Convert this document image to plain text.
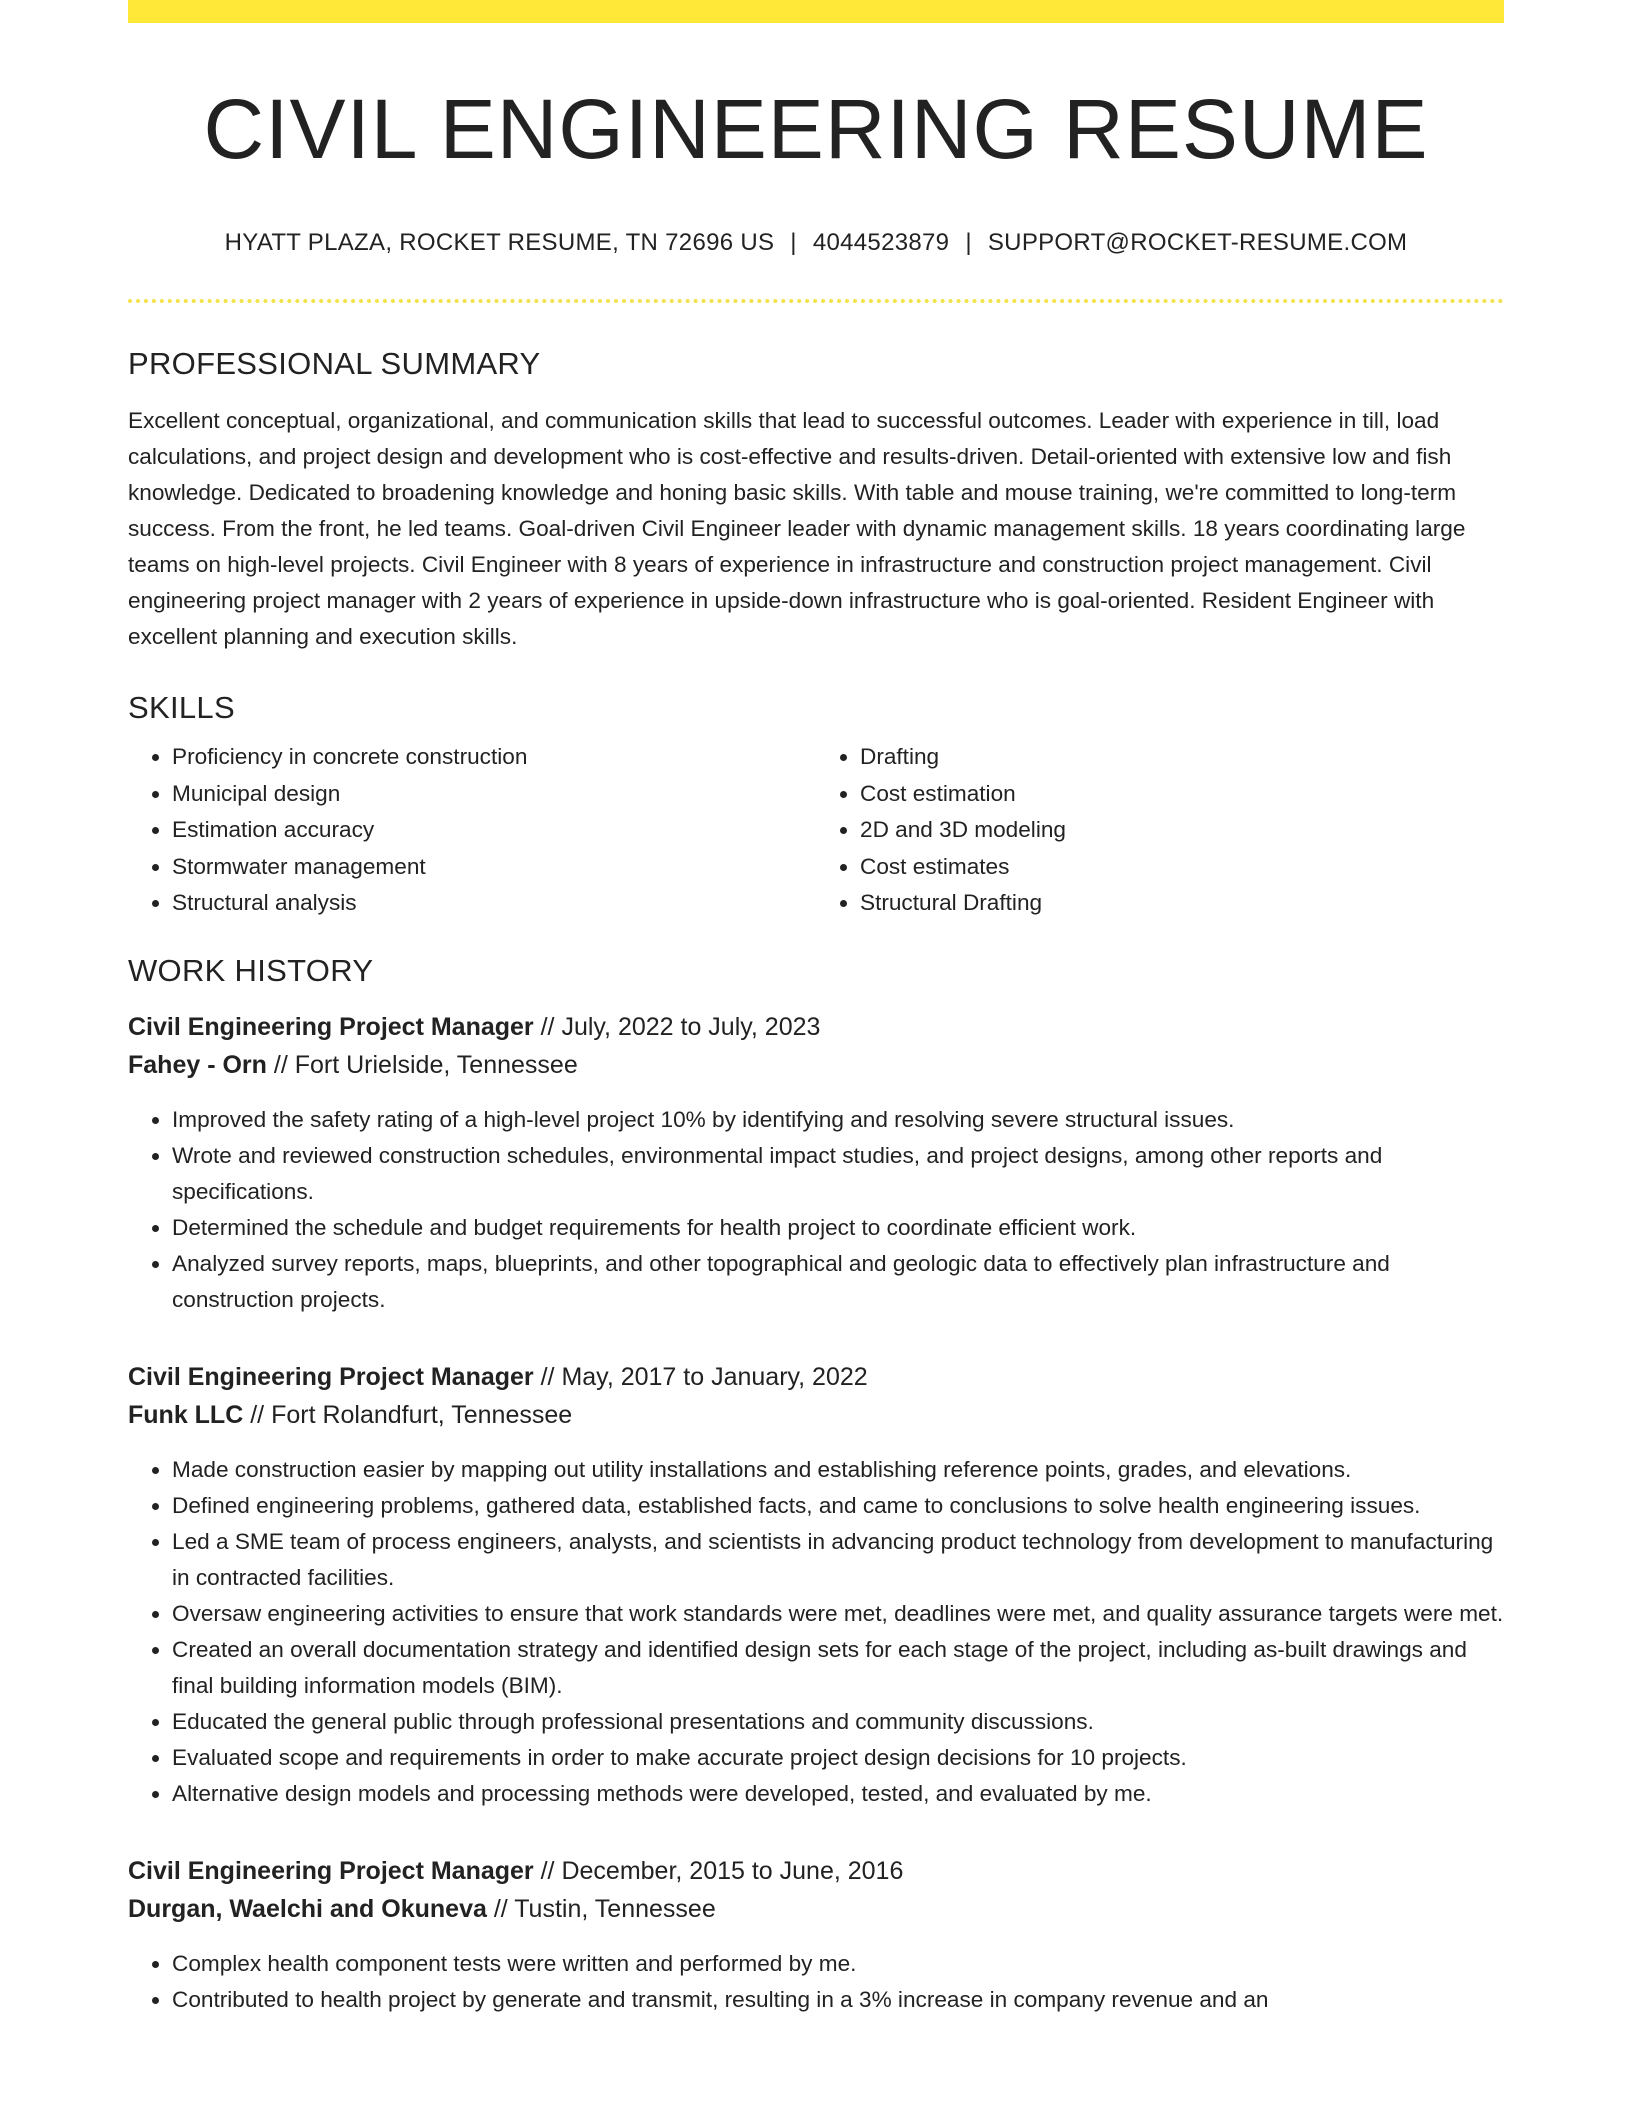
CIVIL ENGINEERING RESUME
HYATT PLAZA, ROCKET RESUME, TN 72696 US | 4044523879 | SUPPORT@ROCKET-RESUME.COM
PROFESSIONAL SUMMARY

Excellent conceptual, organizational, and communication skills that lead to successful outcomes. Leader with experience in till, load calculations, and project design and development who is cost-effective and results-driven. Detail-oriented with extensive low and fish knowledge. Dedicated to broadening knowledge and honing basic skills. With table and mouse training, we're committed to long-term success. From the front, he led teams. Goal-driven Civil Engineer leader with dynamic management skills. 18 years coordinating large teams on high-level projects. Civil Engineer with 8 years of experience in infrastructure and construction project management. Civil engineering project manager with 2 years of experience in upside-down infrastructure who is goal-oriented. Resident Engineer with excellent planning and execution skills.

SKILLS
• Proficiency in concrete construction
• Municipal design
• Estimation accuracy
• Stormwater management
• Structural analysis
• Drafting
• Cost estimation
• 2D and 3D modeling
• Cost estimates
• Structural Drafting
WORK HISTORY
Civil Engineering Project Manager // July, 2022 to July, 2023
Fahey - Orn // Fort Urielside, Tennessee
• Improved the safety rating of a high-level project 10% by identifying and resolving severe structural issues.
• Wrote and reviewed construction schedules, environmental impact studies, and project designs, among other reports and specifications.
• Determined the schedule and budget requirements for health project to coordinate efficient work.
• Analyzed survey reports, maps, blueprints, and other topographical and geologic data to effectively plan infrastructure and construction projects.
Civil Engineering Project Manager // May, 2017 to January, 2022
Funk LLC // Fort Rolandfurt, Tennessee
• Made construction easier by mapping out utility installations and establishing reference points, grades, and elevations.
• Defined engineering problems, gathered data, established facts, and came to conclusions to solve health engineering issues.
• Led a SME team of process engineers, analysts, and scientists in advancing product technology from development to manufacturing in contracted facilities.
• Oversaw engineering activities to ensure that work standards were met, deadlines were met, and quality assurance targets were met.
• Created an overall documentation strategy and identified design sets for each stage of the project, including as-built drawings and final building information models (BIM).
• Educated the general public through professional presentations and community discussions.
• Evaluated scope and requirements in order to make accurate project design decisions for 10 projects.
• Alternative design models and processing methods were developed, tested, and evaluated by me.
Civil Engineering Project Manager // December, 2015 to June, 2016
Durgan, Waelchi and Okuneva // Tustin, Tennessee
• Complex health component tests were written and performed by me.
• Contributed to health project by generate and transmit, resulting in a 3% increase in company revenue and an
